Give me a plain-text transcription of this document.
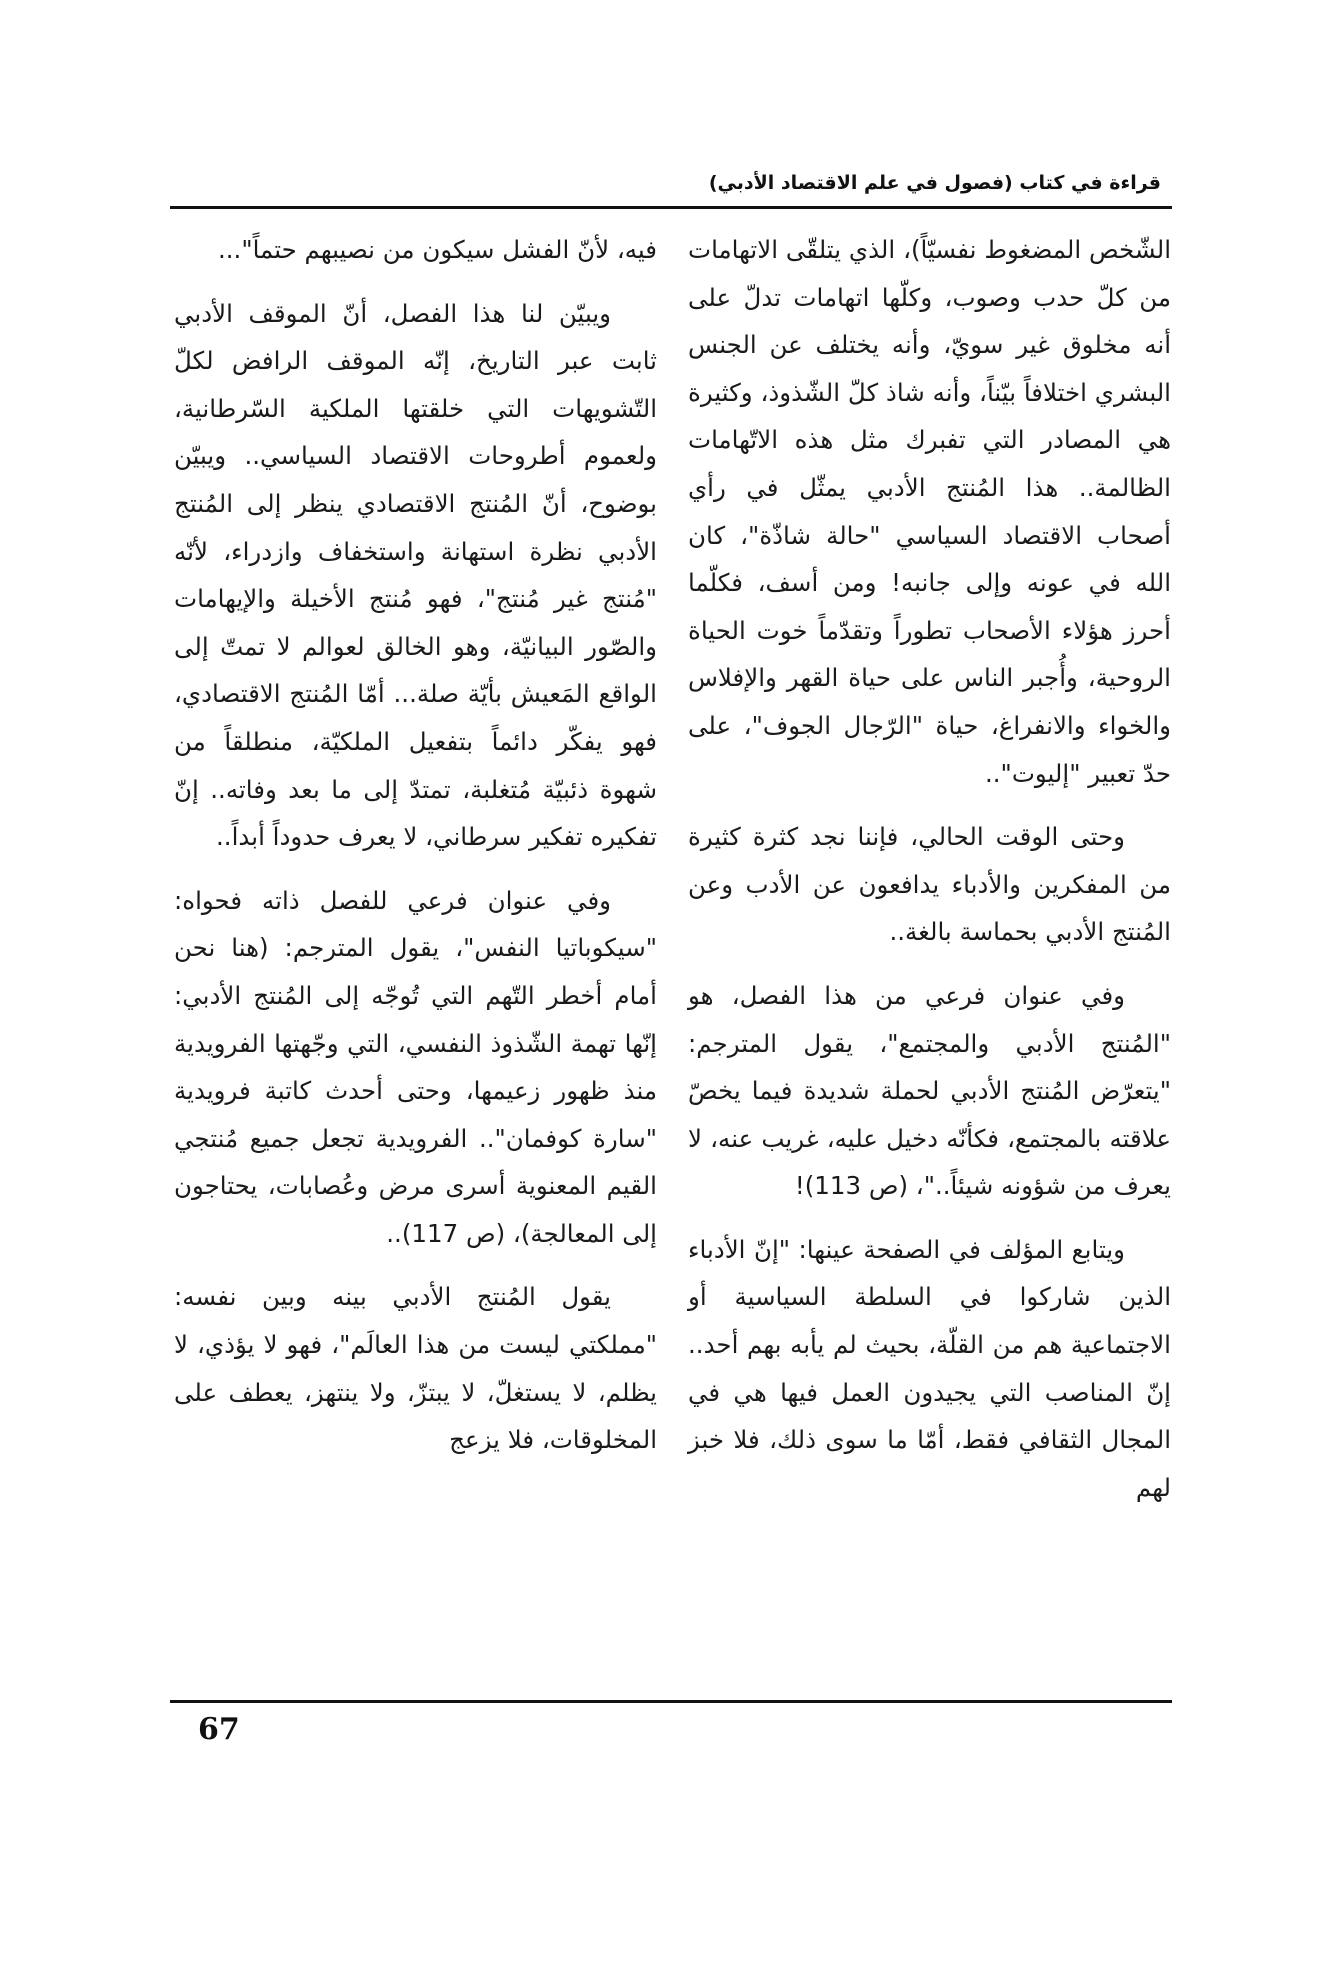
قراءة في كتاب (فصول في علم الاقتصاد الأدبي)

الشّخص المضغوط نفسيّاً)، الذي يتلقّى الاتهامات من كلّ حدب وصوب، وكلّها اتهامات تدلّ على أنه مخلوق غير سويّ، وأنه يختلف عن الجنس البشري اختلافاً بيّناً، وأنه شاذ كلّ الشّذوذ، وكثيرة هي المصادر التي تفبرك مثل هذه الاتّهامات الظالمة.. هذا المُنتج الأدبي يمثّل في رأي أصحاب الاقتصاد السياسي "حالة شاذّة"، كان الله في عونه وإلى جانبه! ومن أسف، فكلّما أحرز هؤلاء الأصحاب تطوراً وتقدّماً خوت الحياة الروحية، وأُجبر الناس على حياة القهر والإفلاس والخواء والانفراغ، حياة "الرّجال الجوف"، على حدّ تعبير "إليوت"..

وحتى الوقت الحالي، فإننا نجد كثرة كثيرة من المفكرين والأدباء يدافعون عن الأدب وعن المُنتج الأدبي بحماسة بالغة..

وفي عنوان فرعي من هذا الفصل، هو "المُنتج الأدبي والمجتمع"، يقول المترجم: "يتعرّض المُنتج الأدبي لحملة شديدة فيما يخصّ علاقته بالمجتمع، فكأنّه دخيل عليه، غريب عنه، لا يعرف من شؤونه شيئاً.."، (ص 113)!

ويتابع المؤلف في الصفحة عينها: "إنّ الأدباء الذين شاركوا في السلطة السياسية أو الاجتماعية هم من القلّة، بحيث لم يأبه بهم أحد.. إنّ المناصب التي يجيدون العمل فيها هي في المجال الثقافي فقط، أمّا ما سوى ذلك، فلا خبز لهم

فيه، لأنّ الفشل سيكون من نصيبهم حتماً"...

ويبيّن لنا هذا الفصل، أنّ الموقف الأدبي ثابت عبر التاريخ، إنّه الموقف الرافض لكلّ التّشويهات التي خلقتها الملكية السّرطانية، ولعموم أطروحات الاقتصاد السياسي.. ويبيّن بوضوح، أنّ المُنتج الاقتصادي ينظر إلى المُنتج الأدبي نظرة استهانة واستخفاف وازدراء، لأنّه "مُنتج غير مُنتج"، فهو مُنتج الأخيلة والإيهامات والصّور البيانيّة، وهو الخالق لعوالم لا تمتّ إلى الواقع المَعيش بأيّة صلة... أمّا المُنتج الاقتصادي، فهو يفكّر دائماً بتفعيل الملكيّة، منطلقاً من شهوة ذئبيّة مُتغلبة، تمتدّ إلى ما بعد وفاته.. إنّ تفكيره تفكير سرطاني، لا يعرف حدوداً أبداً..

وفي عنوان فرعي للفصل ذاته فحواه: "سيكوباتيا النفس"، يقول المترجم: (هنا نحن أمام أخطر التّهم التي تُوجّه إلى المُنتج الأدبي: إنّها تهمة الشّذوذ النفسي، التي وجّهتها الفرويدية منذ ظهور زعيمها، وحتى أحدث كاتبة فرويدية "سارة كوفمان".. الفرويدية تجعل جميع مُنتجي القيم المعنوية أسرى مرض وعُصابات، يحتاجون إلى المعالجة)، (ص 117)..

يقول المُنتج الأدبي بينه وبين نفسه: "مملكتي ليست من هذا العالَم"، فهو لا يؤذي، لا يظلم، لا يستغلّ، لا يبتزّ، ولا ينتهز، يعطف على المخلوقات، فلا يزعج

67
